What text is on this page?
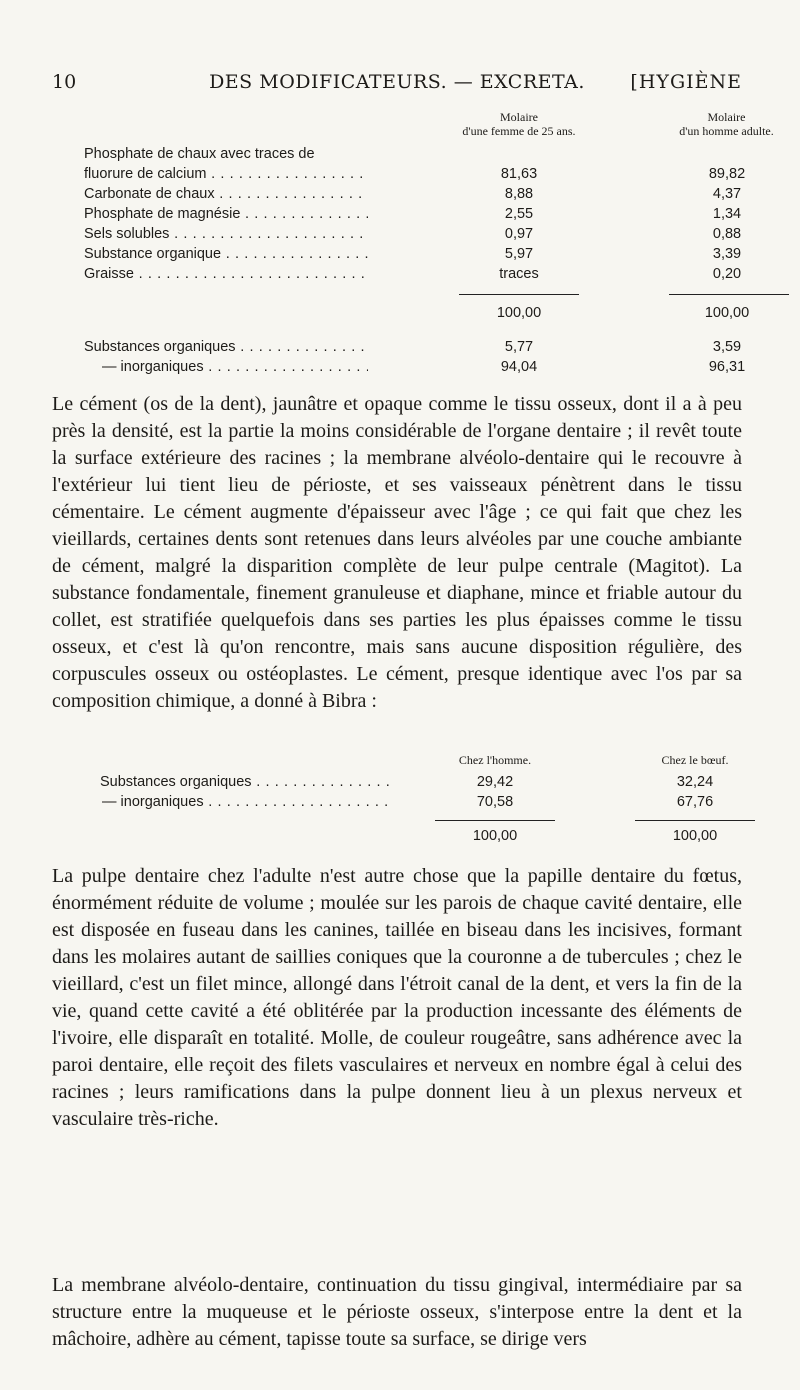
10	DES MODIFICATEURS. — EXCRETA.	[HYGIÈNE
Molaire
d'une femme de 25 ans.
Molaire
d'un homme adulte.
Phosphate de chaux avec traces de
fluorure de calcium . . .	81,63	89,82
Carbonate de chaux . . .	8,88	4,37
Phosphate de magnésie . . .	2,55	1,34
Sels solubles . . .	0,97	0,88
Substance organique . . .	5,97	3,39
Graisse . . .	traces	0,20
100,00	100,00
Substances organiques . . .	5,77	3,59
— inorganiques . . .	94,04	96,31

Le cément (os de la dent), jaunâtre et opaque comme le tissu osseux, dont il a à peu près la densité, est la partie la moins considérable de l'organe dentaire ; il revêt toute la surface extérieure des racines ; la membrane alvéolo-dentaire qui le recouvre à l'extérieur lui tient lieu de périoste, et ses vaisseaux pénètrent dans le tissu cémentaire. Le cément augmente d'épaisseur avec l'âge ; ce qui fait que chez les vieillards, certaines dents sont retenues dans leurs alvéoles par une couche ambiante de cément, malgré la disparition complète de leur pulpe centrale (Magitot). La substance fondamentale, finement granuleuse et diaphane, mince et friable autour du collet, est stratifiée quelquefois dans ses parties les plus épaisses comme le tissu osseux, et c'est là qu'on rencontre, mais sans aucune disposition régulière, des corpuscules osseux ou ostéoplastes. Le cément, presque identique avec l'os par sa composition chimique, a donné à Bibra :

Chez l'homme.	Chez le bœuf.
Substances organiques . . .	29,42	32,24
— inorganiques . . .	70,58	67,76
100,00	100,00

La pulpe dentaire chez l'adulte n'est autre chose que la papille dentaire du fœtus, énormément réduite de volume ; moulée sur les parois de chaque cavité dentaire, elle est disposée en fuseau dans les canines, taillée en biseau dans les incisives, formant dans les molaires autant de saillies coniques que la couronne a de tubercules ; chez le vieillard, c'est un filet mince, allongé dans l'étroit canal de la dent, et vers la fin de la vie, quand cette cavité a été oblitérée par la production incessante des éléments de l'ivoire, elle disparaît en totalité. Molle, de couleur rougeâtre, sans adhérence avec la paroi dentaire, elle reçoit des filets vasculaires et nerveux en nombre égal à celui des racines ; leurs ramifications dans la pulpe donnent lieu à un plexus nerveux et vasculaire très-riche.

La membrane alvéolo-dentaire, continuation du tissu gingival, intermédiaire par sa structure entre la muqueuse et le périoste osseux, s'interpose entre la dent et la mâchoire, adhère au cément, tapisse toute sa surface, se dirige vers
